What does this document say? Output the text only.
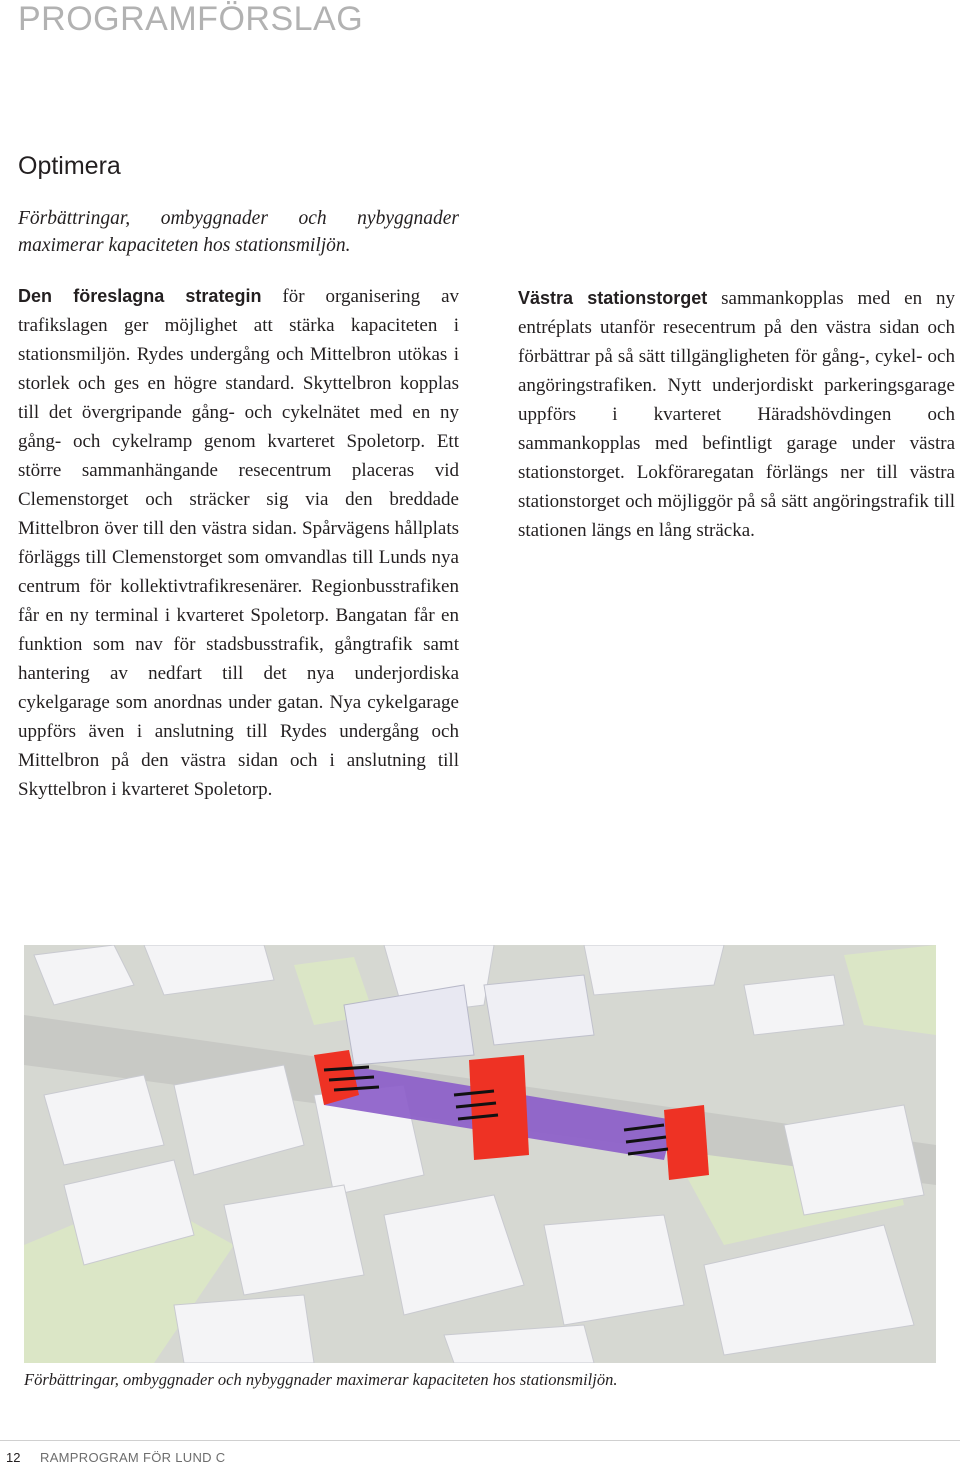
PROGRAMFÖRSLAG
Optimera

Förbättringar, ombyggnader och nybyggnader maximerar kapaciteten hos stationsmiljön.

Den föreslagna strategin för organisering av trafikslagen ger möjlighet att stärka kapaciteten i stationsmiljön. Rydes undergång och Mittelbron utökas i storlek och ges en högre standard. Skyttelbron kopplas till det övergripande gång- och cykelnätet med en ny gång- och cykelramp genom kvarteret Spoletorp. Ett större sammanhängande resecentrum placeras vid Clemenstorget och sträcker sig via den breddade Mittelbron över till den västra sidan. Spårvägens hållplats förläggs till Clemenstorget som omvandlas till Lunds nya centrum för kollektivtrafikresenärer. Regionbusstrafiken får en ny terminal i kvarteret Spoletorp. Bangatan får en funktion som nav för stadsbusstrafik, gångtrafik samt hantering av nedfart till det nya underjordiska cykelgarage som anordnas under gatan. Nya cykelgarage uppförs även i anslutning till Rydes undergång och Mittelbron på den västra sidan och i anslutning till Skyttelbron i kvarteret Spoletorp.

Västra stationstorget sammankopplas med en ny entréplats utanför resecentrum på den västra sidan och förbättrar på så sätt tillgängligheten för gång-, cykel- och angöringstrafiken. Nytt underjordiskt parkeringsgarage uppförs i kvarteret Häradshövdingen och sammankopplas med befintligt garage under västra stationstorget. Lokföraregatan förlängs ner till västra stationstorget och möjliggör på så sätt angöringstrafik till stationen längs en lång sträcka.

Förbättringar, ombyggnader och nybyggnader maximerar kapaciteten hos stationsmiljön.

12 RAMPROGRAM FÖR LUND C
